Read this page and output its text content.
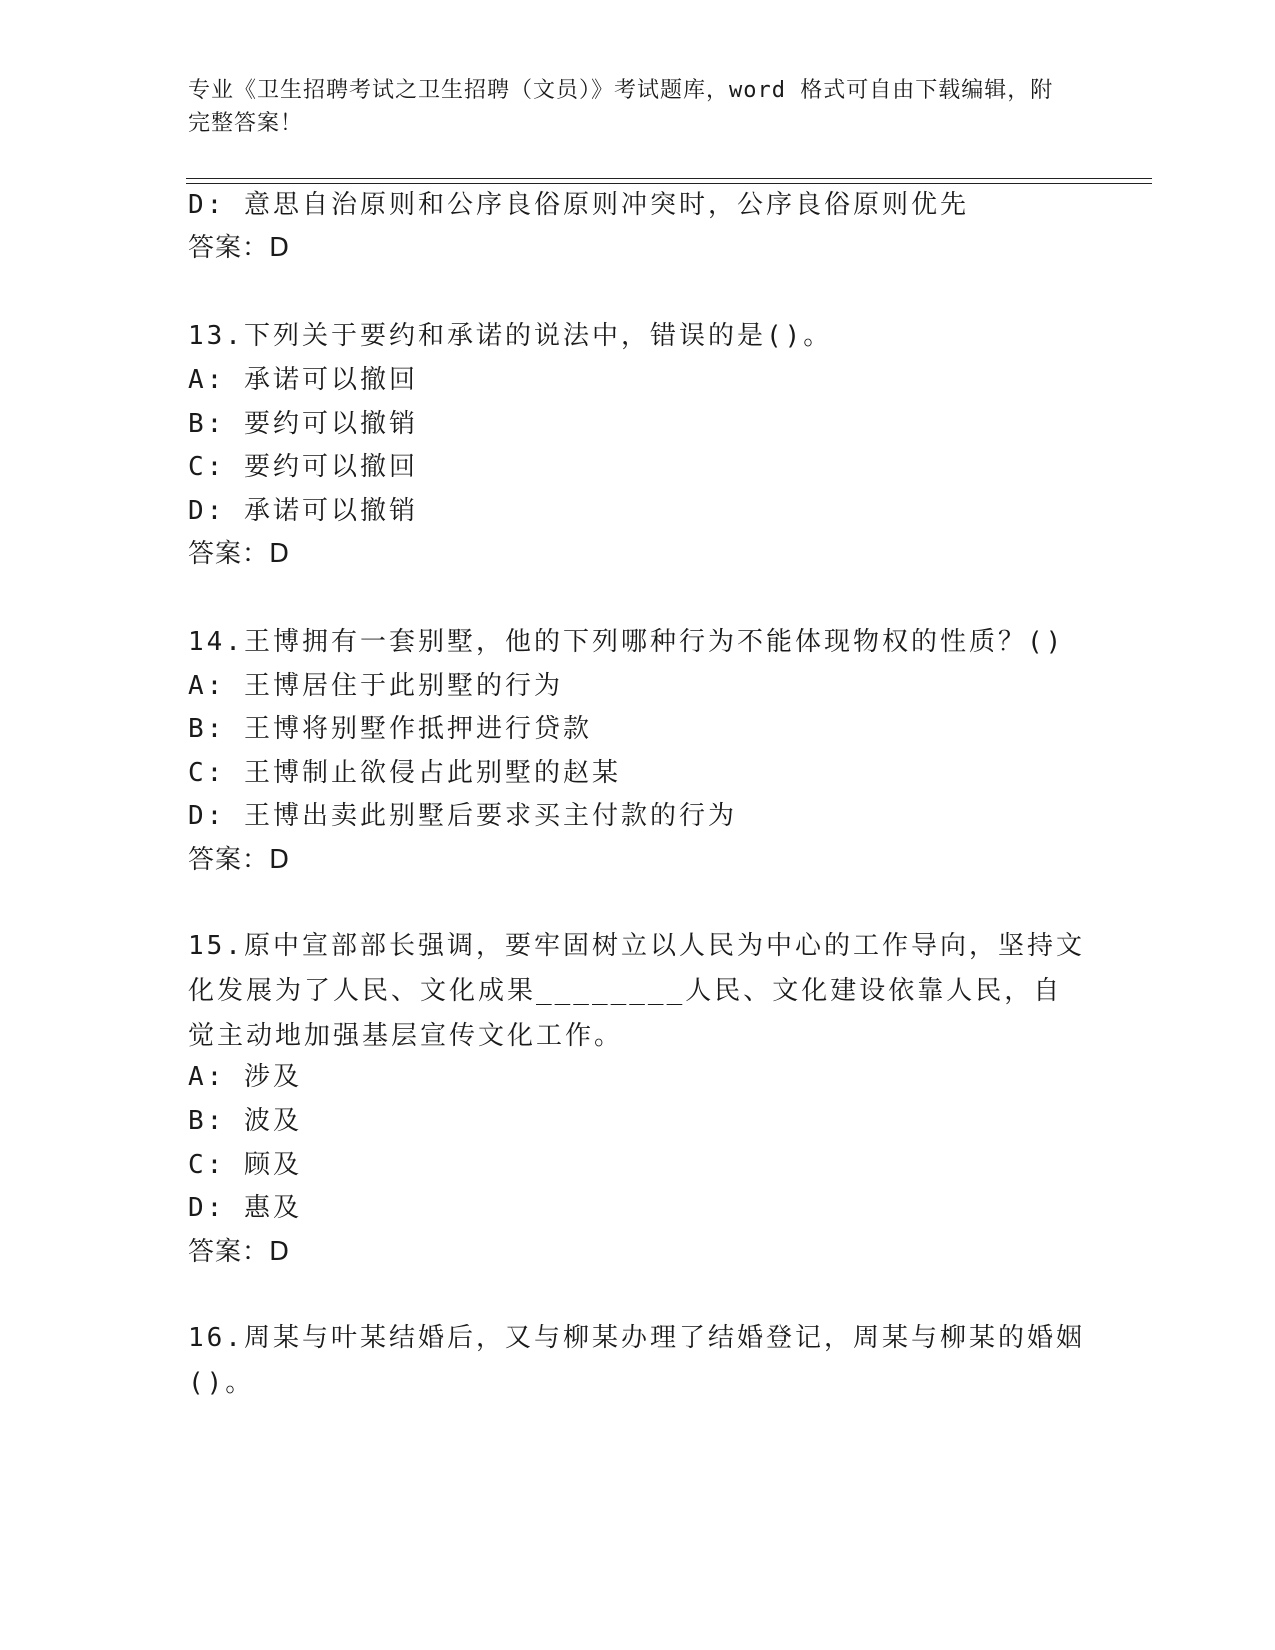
专业《卫生招聘考试之卫生招聘（文员）》考试题库，word 格式可自由下载编辑，附完整答案！
D: 意思自治原则和公序良俗原则冲突时，公序良俗原则优先
答案：D
13.下列关于要约和承诺的说法中，错误的是()。
A: 承诺可以撤回
B: 要约可以撤销
C: 要约可以撤回
D: 承诺可以撤销
答案：D
14.王博拥有一套别墅，他的下列哪种行为不能体现物权的性质？()
A: 王博居住于此别墅的行为
B: 王博将别墅作抵押进行贷款
C: 王博制止欲侵占此别墅的赵某
D: 王博出卖此别墅后要求买主付款的行为
答案：D
15.原中宣部部长强调，要牢固树立以人民为中心的工作导向，坚持文化发展为了人民、文化成果________人民、文化建设依靠人民，自觉主动地加强基层宣传文化工作。
A: 涉及
B: 波及
C: 顾及
D: 惠及
答案：D
16.周某与叶某结婚后，又与柳某办理了结婚登记，周某与柳某的婚姻()。
